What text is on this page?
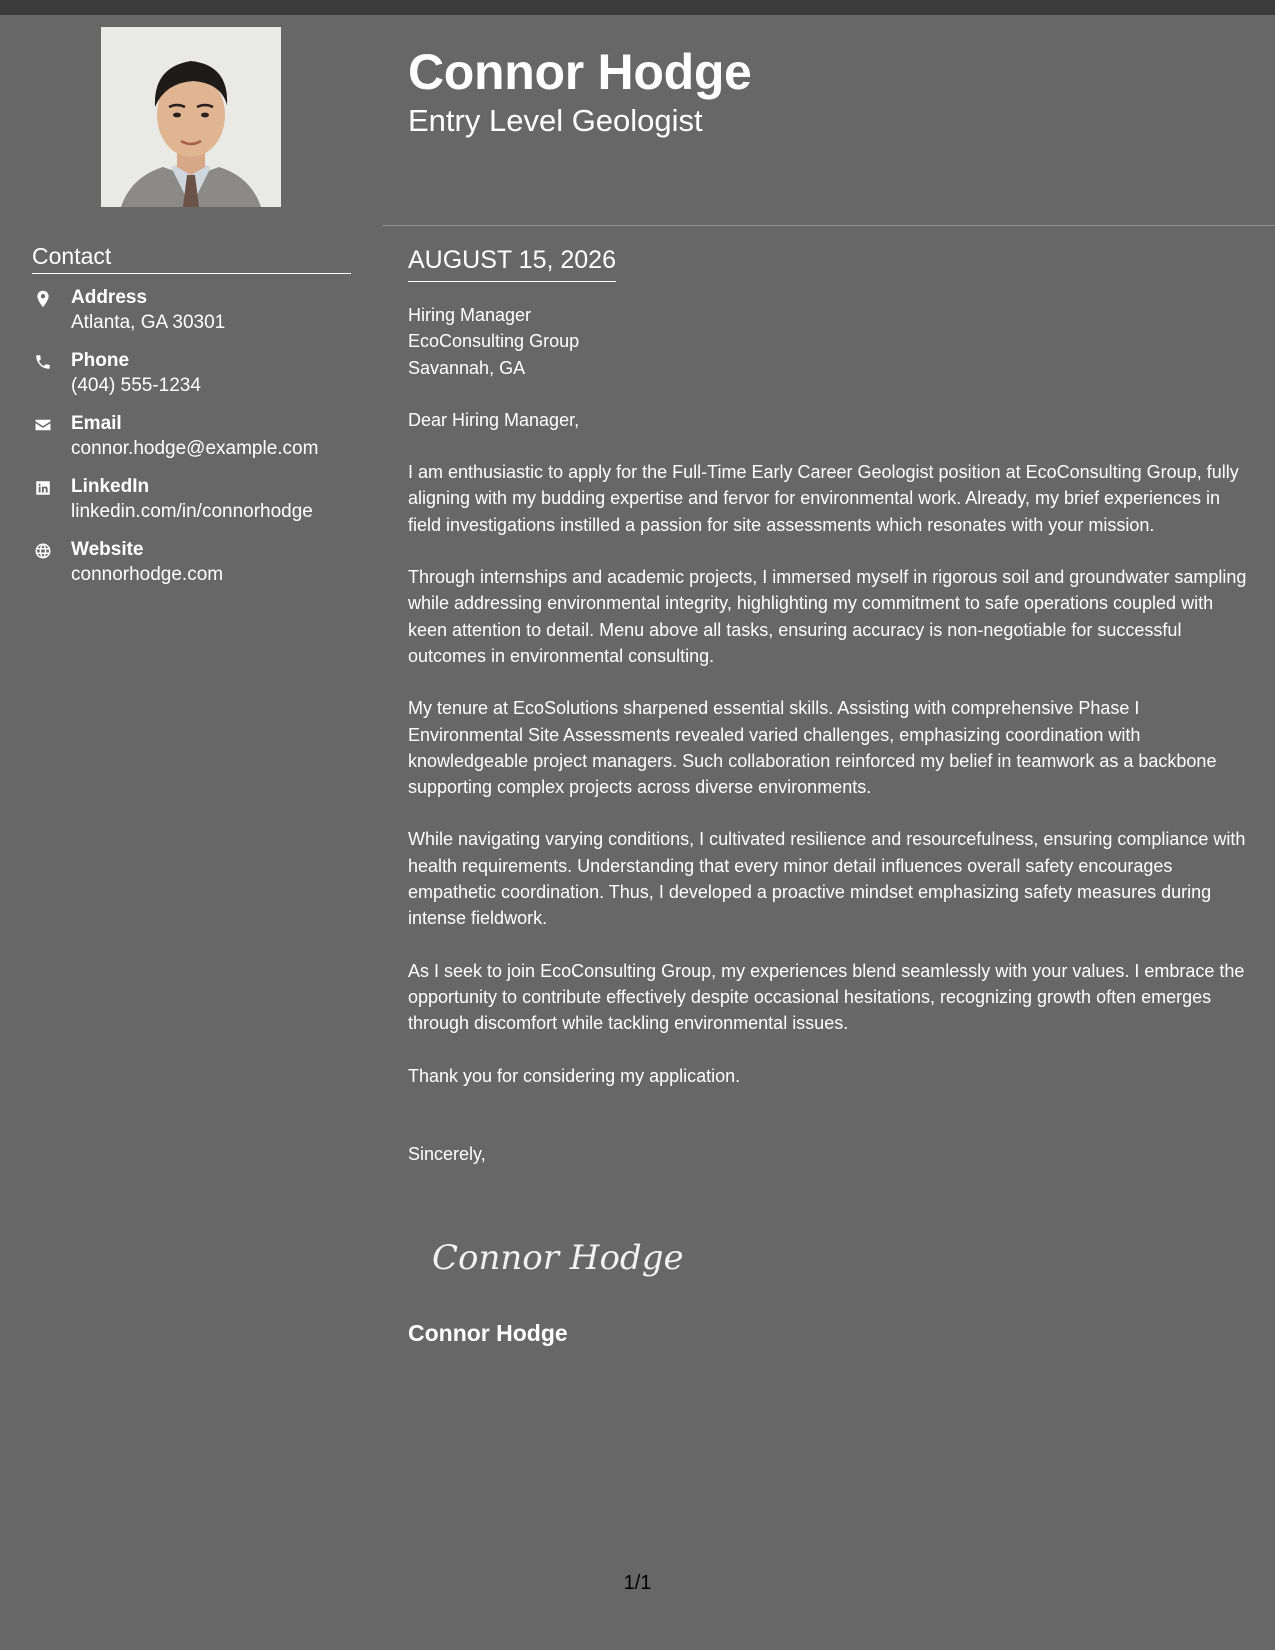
Contact
Address
Atlanta, GA 30301
Phone
(404) 555-1234
Email
connor.hodge@example.com
LinkedIn
linkedin.com/in/connorhodge
Website
connorhodge.com
Connor Hodge
Entry Level Geologist
AUGUST 15, 2026
Hiring Manager
EcoConsulting Group
Savannah, GA

Dear Hiring Manager,

I am enthusiastic to apply for the Full-Time Early Career Geologist position at EcoConsulting Group, fully aligning with my budding expertise and fervor for environmental work. Already, my brief experiences in field investigations instilled a passion for site assessments which resonates with your mission.

Through internships and academic projects, I immersed myself in rigorous soil and groundwater sampling while addressing environmental integrity, highlighting my commitment to safe operations coupled with keen attention to detail. Menu above all tasks, ensuring accuracy is non-negotiable for successful outcomes in environmental consulting.

My tenure at EcoSolutions sharpened essential skills. Assisting with comprehensive Phase I Environmental Site Assessments revealed varied challenges, emphasizing coordination with knowledgeable project managers. Such collaboration reinforced my belief in teamwork as a backbone supporting complex projects across diverse environments.

While navigating varying conditions, I cultivated resilience and resourcefulness, ensuring compliance with health requirements. Understanding that every minor detail influences overall safety encourages empathetic coordination. Thus, I developed a proactive mindset emphasizing safety measures during intense fieldwork.

As I seek to join EcoConsulting Group, my experiences blend seamlessly with your values. I embrace the opportunity to contribute effectively despite occasional hesitations, recognizing growth often emerges through discomfort while tackling environmental issues.

Thank you for considering my application.

Sincerely,

Connor Hodge
Connor Hodge
1/1
